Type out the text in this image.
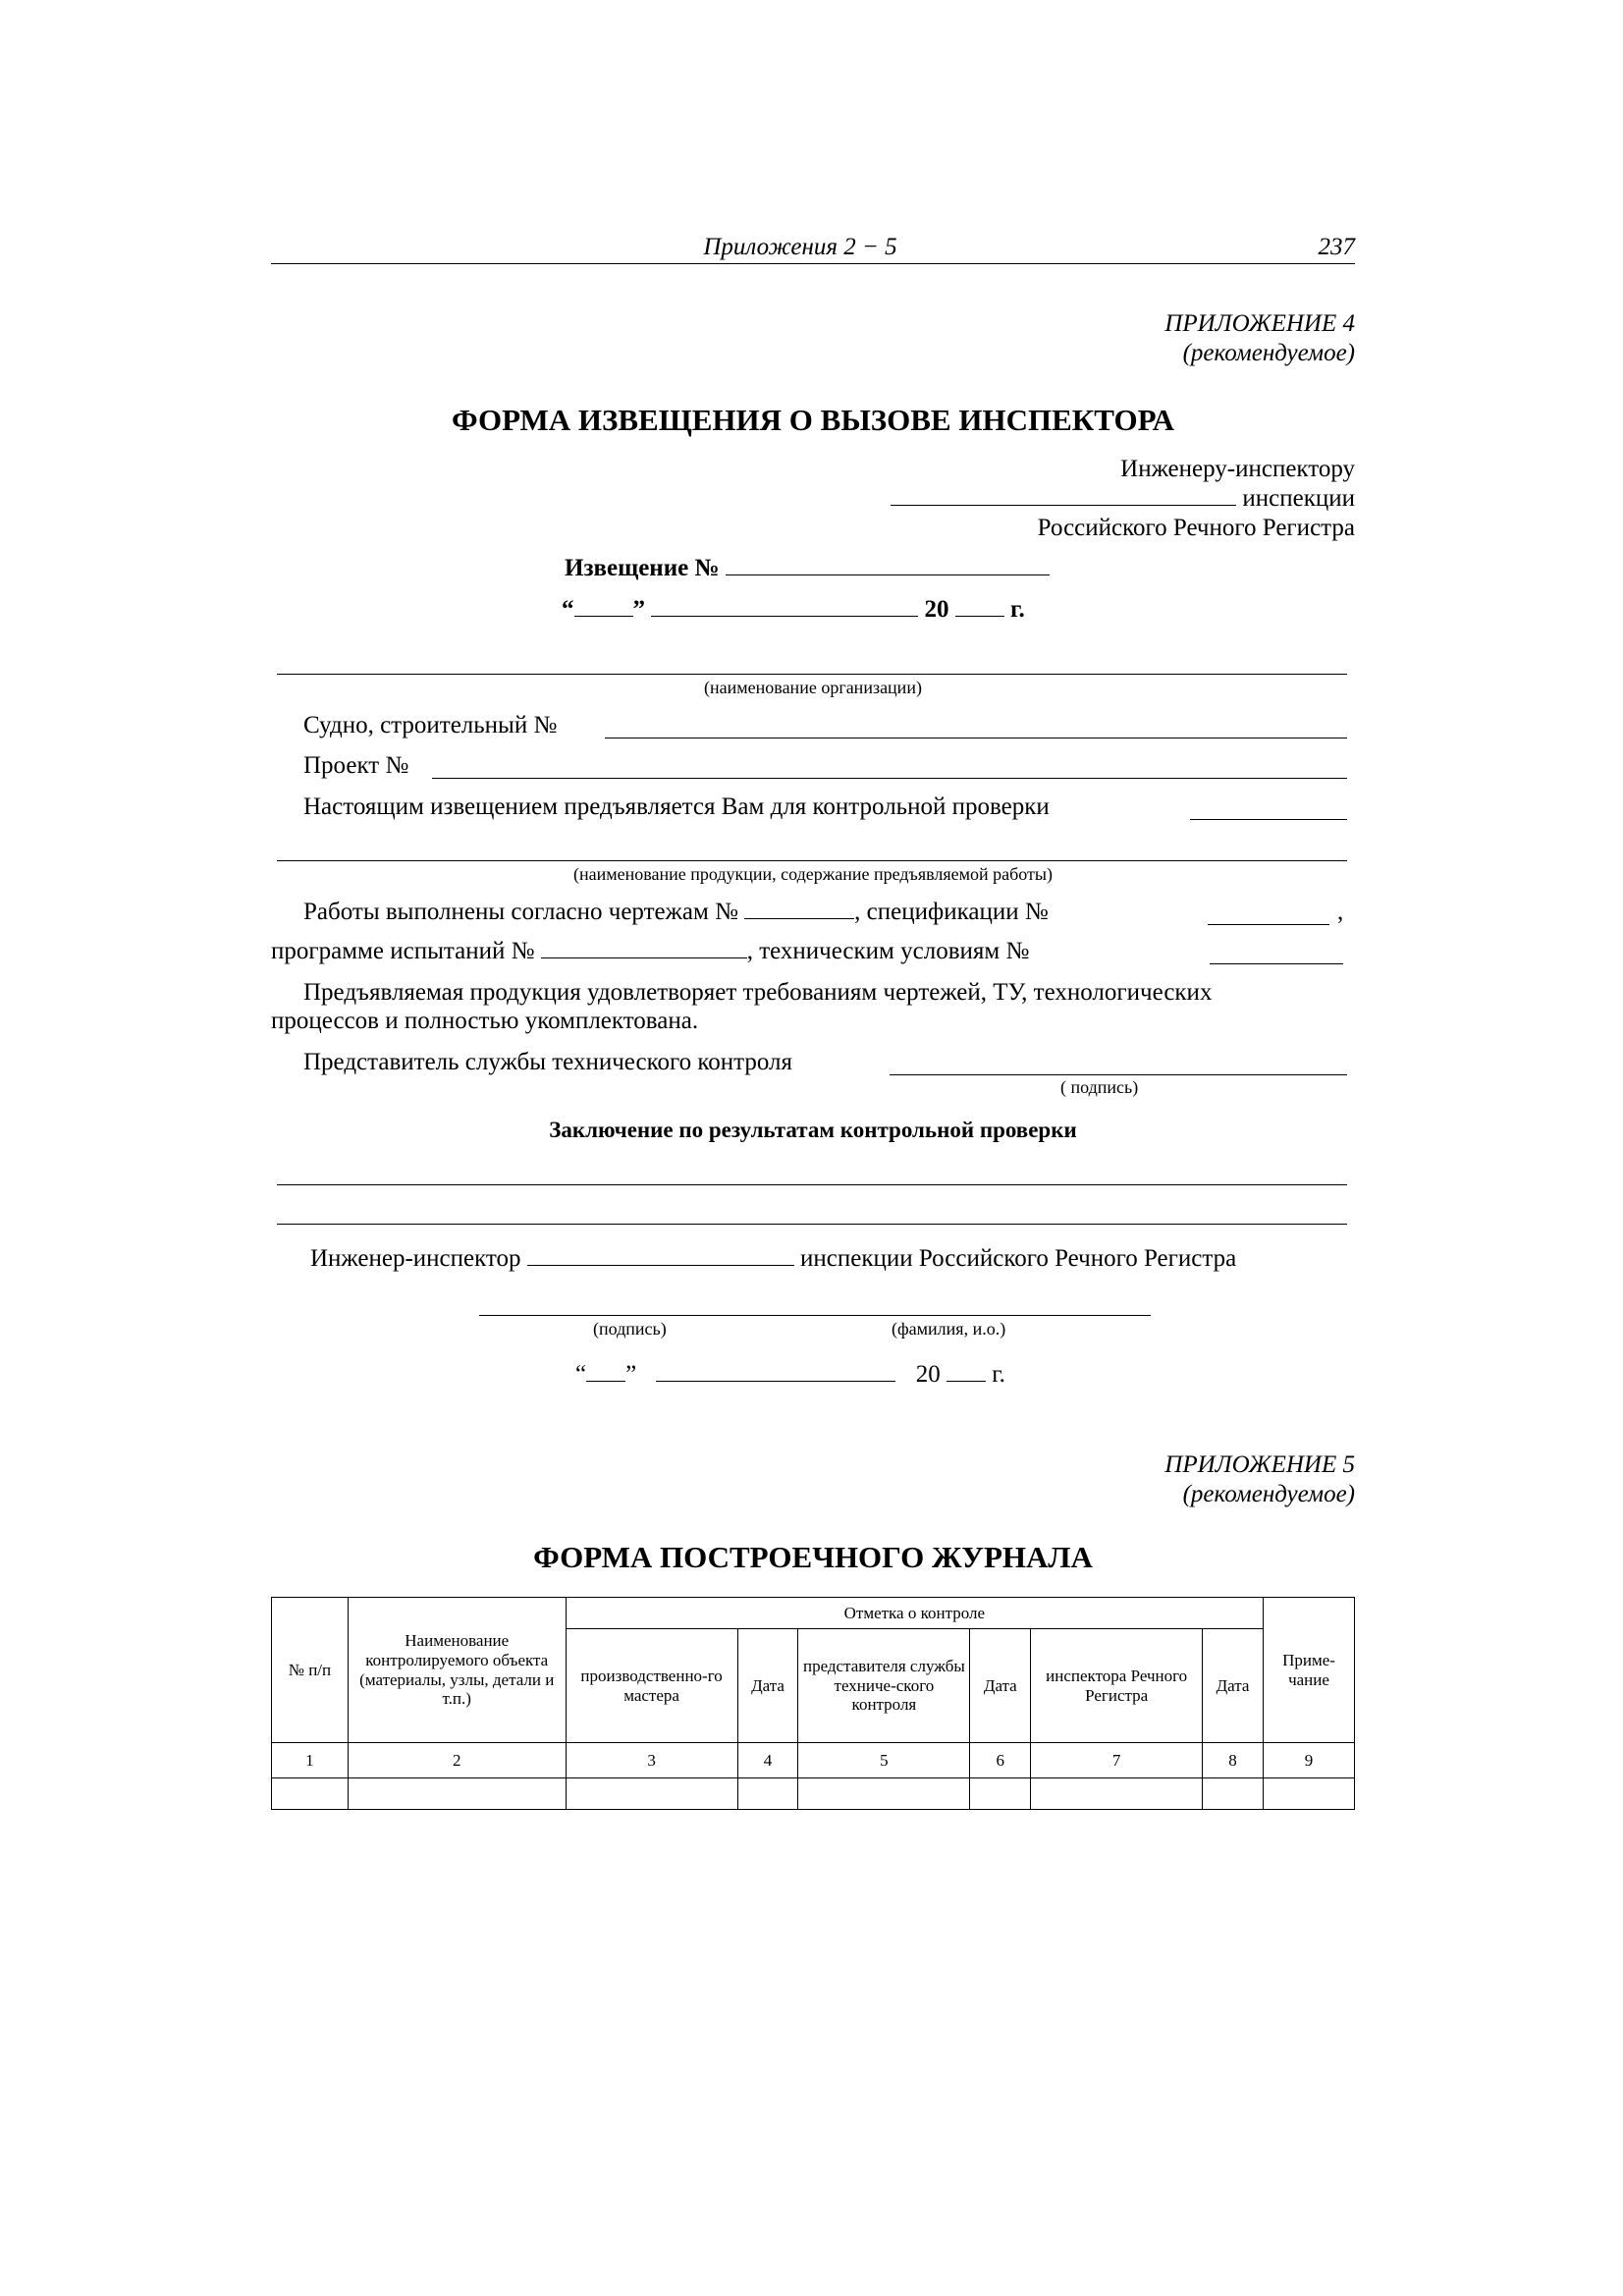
Приложения 2 − 5	237
ПРИЛОЖЕНИЕ 4
(рекомендуемое)
ФОРМА ИЗВЕЩЕНИЯ О ВЫЗОВЕ ИНСПЕКТОРА
Инженеру-инспектору
инспекции
Российского Речного Регистра
Извещение №
“ ”	20	г.
(наименование организации)
Судно, строительный №
Проект №
Настоящим извещением предъявляется Вам для контрольной проверки
(наименование продукции, содержание предъявляемой работы)
Работы выполнены согласно чертежам №	, спецификации №	,
программе испытаний №	, техническим условиям №
Предъявляемая продукция удовлетворяет требованиям чертежей, ТУ, технологических
процессов и полностью укомплектована.
Представитель службы технического контроля
( подпись)
Заключение по результатам контрольной проверки
Инженер-инспектор	инспекции Российского Речного Регистра
(подпись)	(фамилия, и.о.)
“ ”	20 г.
ПРИЛОЖЕНИЕ 5
(рекомендуемое)
ФОРМА ПОСТРОЕЧНОГО ЖУРНАЛА
№ п/п	Наименование контролируемого объекта (материалы, узлы, детали и т.п.)	Отметка о контроле						Приме-чание
		производственно-го мастера	Дата	представителя службы техниче-ского контроля	Дата	инспектора Речного Регистра	Дата	
1	2	3	4	5	6	7	8	9
